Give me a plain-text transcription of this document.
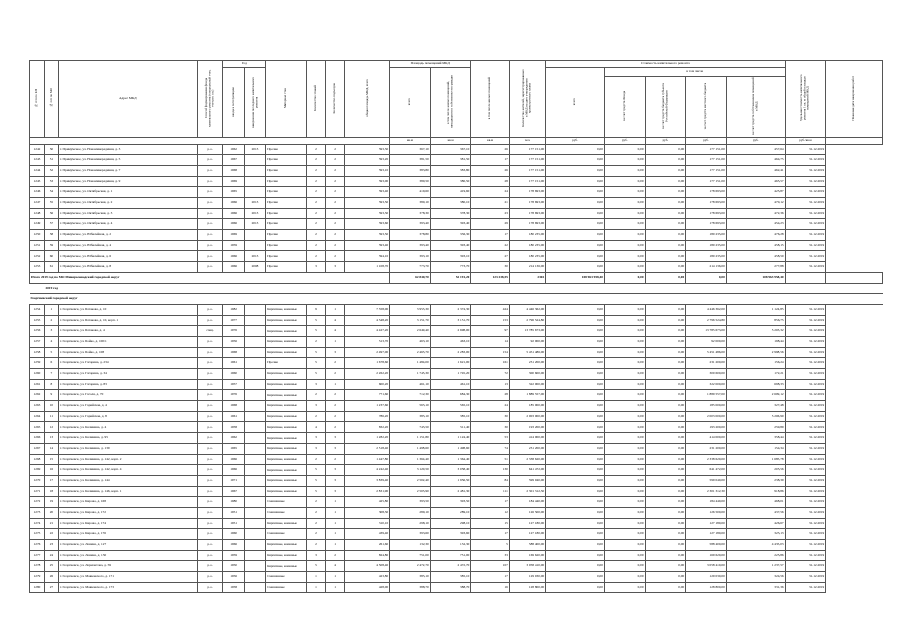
№ п/п по КП	№ п/п по МО	Адрес МКД	Способ формирования фонда капитального ремонта (специальный счет, счет рег. оп.)	Год		Материал стен	Количество этажей	Количество подъездов	общая площадь МКД, всего	Площадь помещений МКД		в том числе жилых помещений	Количество жителей, зарегистрированных в МКД на дату утверждения краткосрочного плана	Стоимость капитального ремонта					Удельная стоимость капитального ремонта 1 кв. м общей площади помещений МКД	Плановая дата завершения работ
				ввода в эксплуатацию	завершения последнего капитального ремонта					всего	в том числе жилых помещений, находящихся в собственности граждан			всего	в том числе					
															за счет средств Фонда	за счет средств бюджета субъекта Российской Федерации	за счет средств местного бюджета	за счет средств собственников помещений в МКД		
										кв.м	кв.м	кв.м	чел.	руб.	руб.	руб.	руб.	руб.	руб./кв.м	
1242	50	г. Примумское, ул. Новоминерадиная, д. 3	р.о.	1962	2013	Прочие	2	2	593,30	367,10	367,10	26	177 151,00	0,00	0,00	0,00	177 151,00	457,64	31.12.2019	
1243	51	г. Примумское, ул. Новоминерадиная, д. 5	р.о.	1967		Прочие	2	2	593,20	381,50	381,50	17	177 151,00	0,00	0,00	0,00	177 151,00	464,75	31.12.2019	
1244	52	г. Примумское, ул. Новоминерадиная, д. 7	р.о.	1968		Прочие	2	2	593,10	383,80	383,80	26	177 151,00	0,00	0,00	0,00	177 151,00	462,41	31.12.2019	
1245	53	г. Примумское, ул. Новоминерадиная, д. 9	р.о.	1969		Прочие	2	2	593,00	380,50	380,50	28	177 151,00	0,00	0,00	0,00	177 151,00	465,57	31.12.2019	
1246	54	г. Примумское, ул. Октябрьская, д. 1	р.о.	1965		Прочие	2	2	593,40	419,60	419,60	24	178 693,00	0,00	0,00	0,00	178 693,00	425,87	31.12.2019	
1247	55	г. Примумское, ул. Октябрьская, д. 2	р.о.	1966	2013	Прочие	2	2	593,50	380,10	380,10	21	178 693,00	0,00	0,00	0,00	178 693,00	470,12	31.12.2019	
1248	56	г. Примумское, ул. Октябрьская, д. 3	р.о.	1966	2013	Прочие	2	2	593,30	378,30	378,30	23	178 693,00	0,00	0,00	0,00	178 693,00	472,36	31.12.2019	
1249	57	г. Примумское, ул. Октябрьская, д. 4	р.о.	1966	2013	Прочие	2	2	593,60	393,40	393,40	29	178 693,00	0,00	0,00	0,00	178 693,00	454,23	31.12.2019	
1250	58	г. Примумское, ул. Юбилейная, д. 2	р.о.	1969		Прочие	2	2	593,50	378,80	336,30	17	180 235,00	0,00	0,00	0,00	180 235,00	476,28	31.12.2019	
1251	59	г. Примумское, ул. Юбилейная, д. 4	р.о.	1959		Прочие	2	2	593,40	393,40	393,40	22	180 235,00	0,00	0,00	0,00	180 235,00	458,15	31.12.2019	
1252	60	г. Примумское, ул. Юбилейная, д. 6	р.о.	1966	2013	Прочие	2	2	594,10	393,10	393,10	27	180 235,00	0,00	0,00	0,00	180 235,00	458,50	31.12.2019	
1253	61	г. Примумское, ул. Юбилейная, д. 8	р.о.	1966	2008	Прочие	3	3	1 108,70	773,70	773,70	30	214 136,00	0,00	0,00	0,00	214 136,00	277,88	31.12.2019	
Итого 2019 год по МО Минераловодский городской округ										62 840,70	52 191,20	123 238,55	2302	108 963 958,40	0,00	0,00	0,00	108 963 958,40		
2019 год																				
Георгиевский городской округ																				
1254	1	г. Георгиевск, ул. Батакова, д. 10	р.о.	1982		Кирпичные, каменные	9	1	7 358,00	3 953,30	2 374,30	424	4 446 362,00	0,00	0,00	0,00	4 446 362,00	1 124,85	31.12.2019	
1255	2	г. Георгиевск, ул. Батакова, д. 10, корп. 1	р.о.	1977		Кирпичные, каменные	5	4	4 348,20	3 151,70	3 151,70	153	2 796 524,80	0,00	0,00	0,00	2 796 524,80	856,75	31.12.2019	
1256	3	г. Георгиевск, ул. Батакова, д. 4	спец.	1976		Кирпичные, каменные	5	4	4 427,20	2 649,40	2 698,00	97	13 785 673,00	0,00	0,00	0,00	13 785 673,00	5 203,32	31.12.2019	
1257	4	г. Георгиевск, ул. Бойко, д. 100/1	р.о.	1956		Кирпичные, каменные	2	1	513,70	463,10	463,10	14	92 000,00	0,00	0,00	0,00	92 000,00	198,44	31.12.2019	
1258	5	г. Георгиевск, ул. Бойко, д. 108	р.о.	1968		Кирпичные, каменные	5	3	2 497,00	2 463,70	2 283,00	154	5 451 486,00	0,00	0,00	0,00	5 451 486,00	2 998,56	31.12.2019	
1259	6	г. Георгиевск, ул. Гагарина, д. 234	р.о.	1961		Прочие	5	2	1 678,60	1 484,00	1 621,00	161	231 200,00	0,00	0,00	0,00	231 200,00	156,24	31.12.2019	
1260	7	г. Георгиевск, ул. Гагарина, д. 34	р.о.	1960		Кирпичные, каменные	5	2	2 262,20	1 745,30	1 745,20	72	300 600,00	0,00	0,00	0,00	300 600,00	172,21	31.12.2019	
1261	8	г. Георгиевск, ул. Гагарина, д. 83	р.о.	1957		Кирпичные, каменные	3	1	600,20	461,10	461,10	13	322 000,00	0,00	0,00	0,00	322 000,00	698,33	31.12.2019	
1262	9	г. Георгиевск, ул. Гоголя, д. 70	р.о.	1976		Кирпичные, каменные	2	2	771,60	712,30	684,30	28	1 889 557,00	0,00	0,00	0,00	1 889 557,00	2 609,12	31.12.2019	
1263	10	г. Георгиевск, ул. Горийская, д. 4	р.о.	1968		Кирпичные, каменные	3	2	1 237,60	565,10	565,10	24	185 000,00	0,00	0,00	0,00	185 000,00	327,48	31.12.2019	
1264	11	г. Георгиевск, ул. Горийская, д. 8	р.о.	1961		Кирпичные, каменные	2	2	786,20	385,10	385,10	30	2 003 000,00	0,00	0,00	0,00	2 003 000,00	5 206,90	31.12.2019	
1265	12	г. Георгиевск, ул. Калинина, д. 4	р.о.	1958		Кирпичные, каменные	4	2	832,20	745,50	511,40	30	193 200,00	0,00	0,00	0,00	193 200,00	259,89	31.12.2019	
1266	13	г. Георгиевск, ул. Калинина, д. 95	р.о.	1962		Кирпичные, каменные	3	3	1 282,20	1 151,80	1 124,40	53	414 000,00	0,00	0,00	0,00	414 000,00	358,44	31.12.2019	
1267	14	г. Георгиевск, ул. Калинина, д. 139	р.о.	1965		Кирпичные, каменные	3	3	2 518,40	1 498,60	1 498,60	74	231 200,00	0,00	0,00	0,00	231 200,00	154,34	31.12.2019	
1268	15	г. Георгиевск, ул. Калинина, д. 142, корп. 2	р.о.	1966		Кирпичные, каменные	2	2	1 447,80	1 364,40	1 364,40	51	2 338 620,00	0,00	0,00	0,00	2 338 620,00	1 685,78	31.12.2019	
1269	16	г. Георгиевск, ул. Калинина, д. 142, корп. 4	р.о.	1966		Кирпичные, каменные	5	3	4 242,40	3 120,50	3 058,40	130	641 472,00	0,00	0,00	0,00	641 472,00	205,56	31.12.2019	
1270	17	г. Георгиевск, ул. Калинина, д. 144	р.о.	1971		Кирпичные, каменные	5	3	3 839,40	2 502,40	1 956,50	84	599 040,00	0,00	0,00	0,00	599 040,00	238,39	31.12.2019	
1271	18	г. Георгиевск, ул. Калинина, д. 146, корп. 1	р.о.	1967		Кирпичные, каменные	5	3	2 831,90	2 503,90	2 481,30	111	2 301 312,30	0,00	0,00	0,00	2 301 312,30	918,86	31.12.2019	
1272	19	г. Георгиевск, ул. Кирова, д. 168	р.о.	1980		Смешанные	2	1	425,80	393,50	393,50	17	184 440,00	0,00	0,00	0,00	184 440,00	468,01	31.12.2019	
1273	20	г. Георгиевск, ул. Кирова, д. 172	р.о.	1951		Смешанные	2	1	308,30	289,10	289,10	12	126 500,00	0,00	0,00	0,00	126 500,00	437,56	31.12.2019	
1274	21	г. Георгиевск, ул. Кирова, д. 174	р.о.	1951		Кирпичные, каменные	2	1	310,10	298,10	298,10	15	127 180,00	0,00	0,00	0,00	127 180,00	426,67	31.12.2019	
1275	22	г. Георгиевск, ул. Кирова, д. 176	р.о.	1960		Смешанные	2	1	439,40	393,60	393,60	17	127 180,00	0,00	0,00	0,00	127 180,00	323,13	31.12.2019	
1276	23	г. Георгиевск, ул. Ленина, д. 127	р.о.	1966		Кирпичные, каменные	2	1	261,60	132,30	132,30	5	588 400,00	0,00	0,00	0,00	588 400,00	4 435,03	31.12.2019	
1277	24	г. Георгиевск, ул. Ленина, д. 130	р.о.	1959		Кирпичные, каменные	3	2	824,80	751,00	751,00	33	169 620,00	0,00	0,00	0,00	169 620,00	225,86	31.12.2019	
1278	25	г. Георгиевск, ул. Лермонтова, д. 59	р.о.	1950		Кирпичные, каменные	5	4	4 508,40	2 472,70	2 472,70	107	3 058 410,00	0,00	0,00	0,00	3 058 410,00	1 237,57	31.12.2019	
1279	26	г. Георгиевск, ул. Маяковского, д. 171	р.о.	1956		Смешанные	1	1	423,80	385,10	385,10	17	129 030,00	0,00	0,00	0,00	129 030,00	324,56	31.12.2019	
1280	27	г. Георгиевск, ул. Маяковского, д. 173	р.о.	1958		Смешанные	1	1	428,00	388,70	388,70	16	128 800,00	0,00	0,00	0,00	128 800,00	331,36	31.12.2019	
